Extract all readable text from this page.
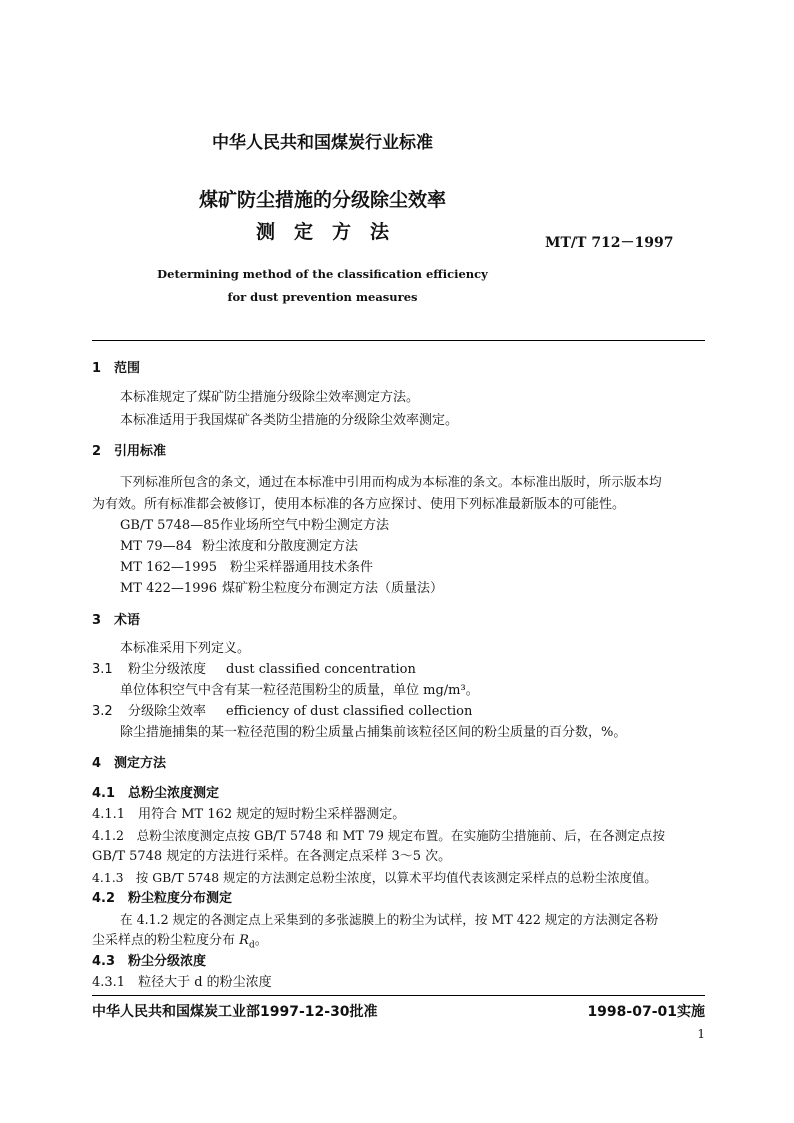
中华人民共和国煤炭行业标准
煤矿防尘措施的分级除尘效率
测　定　方　法	MT/T 712－1997
Determining method of the classification efficiency
for dust prevention measures
1　范围
本标准规定了煤矿防尘措施分级除尘效率测定方法。
本标准适用于我国煤矿各类防尘措施的分级除尘效率测定。
2　引用标准
下列标准所包含的条文，通过在本标准中引用而构成为本标准的条文。本标准出版时，所示版本均
为有效。所有标准都会被修订，使用本标准的各方应探讨、使用下列标准最新版本的可能性。
GB/T 5748—85作业场所空气中粉尘测定方法
MT 79—84 粉尘浓度和分散度测定方法
MT 162—1995 粉尘采样器通用技术条件
MT 422—1996 煤矿粉尘粒度分布测定方法（质量法）
3　术语
本标准采用下列定义。
3.1 粉尘分级浓度 dust classified concentration
单位体积空气中含有某一粒径范围粉尘的质量，单位 mg/m³。
3.2 分级除尘效率 efficiency of dust classified collection
除尘措施捕集的某一粒径范围的粉尘质量占捕集前该粒径区间的粉尘质量的百分数，%。
4　测定方法
4.1　总粉尘浓度测定
4.1.1　用符合 MT 162 规定的短时粉尘采样器测定。
4.1.2　总粉尘浓度测定点按 GB/T 5748 和 MT 79 规定布置。在实施防尘措施前、后，在各测定点按
GB/T 5748 规定的方法进行采样。在各测定点采样 3～5 次。
4.1.3　按 GB/T 5748 规定的方法测定总粉尘浓度，以算术平均值代表该测定采样点的总粉尘浓度值。
4.2　粉尘粒度分布测定
在 4.1.2 规定的各测定点上采集到的多张滤膜上的粉尘为试样，按 MT 422 规定的方法测定各粉
尘采样点的粉尘粒度分布 $R_d$。
4.3　粉尘分级浓度
4.3.1　粒径大于 d 的粉尘浓度
中华人民共和国煤炭工业部1997-12-30批准	1998-07-01实施
1
